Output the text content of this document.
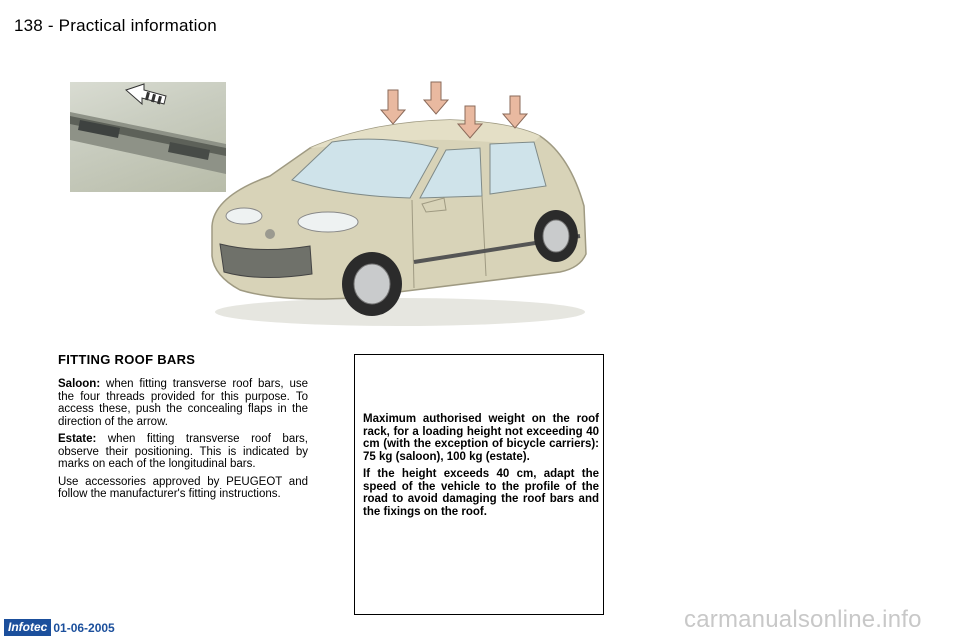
138 - Practical information
FITTING ROOF BARS

Saloon: when fitting transverse roof bars, use the four threads provided for this purpose. To access these, push the concealing flaps in the direction of the arrow.

Estate: when fitting transverse roof bars, observe their positioning. This is indicated by marks on each of the longitudinal bars.

Use accessories approved by PEUGEOT and follow the manufacturer's fitting instructions.

Maximum authorised weight on the roof rack, for a loading height not exceeding 40 cm (with the exception of bicycle carriers): 75 kg (saloon), 100 kg (estate).

If the height exceeds 40 cm, adapt the speed of the vehicle to the profile of the road to avoid damaging the roof bars and the fixings on the roof.

Infotec 01-06-2005	carmanualsonline.info
